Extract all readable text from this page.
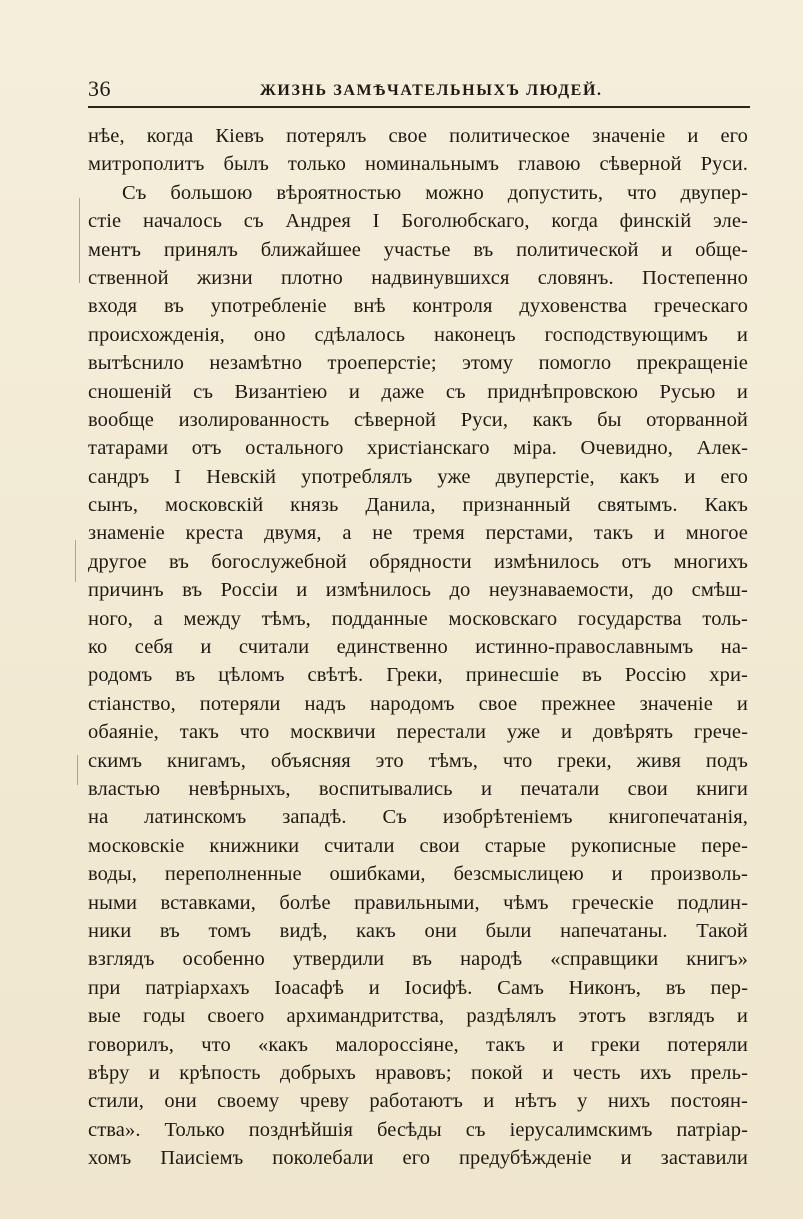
36	ЖИЗНЬ ЗАМѢЧАТЕЛЬНЫХЪ ЛЮДЕЙ.
нѣе, когда Кіевъ потерялъ свое политическое значеніе и его
митрополитъ былъ только номинальнымъ главою сѣверной Руси.
Съ большою вѣроятностью можно допустить, что двупер-
стіе началось съ Андрея I Боголюбскаго, когда финскій эле-
ментъ принялъ ближайшее участье въ политической и обще-
ственной жизни плотно надвинувшихся словянъ. Постепенно
входя въ употребленіе внѣ контроля духовенства греческаго
происхожденія, оно сдѣлалось наконецъ господствующимъ и
вытѣснило незамѣтно троеперстіе; этому помогло прекращеніе
сношеній съ Византіею и даже съ приднѣпровскою Русью и
вообще изолированность сѣверной Руси, какъ бы оторванной
татарами отъ остального христіанскаго міра. Очевидно, Алек-
сандръ I Невскій употреблялъ уже двуперстіе, какъ и его
сынъ, московскій князь Данила, признанный святымъ. Какъ
знаменіе креста двумя, а не тремя перстами, такъ и многое
другое въ богослужебной обрядности измѣнилось отъ многихъ
причинъ въ Россіи и измѣнилось до неузнаваемости, до смѣш-
ного, а между тѣмъ, подданные московскаго государства толь-
ко себя и считали единственно истинно-православнымъ на-
родомъ въ цѣломъ свѣтѣ. Греки, принесшіе въ Россію хри-
стіанство, потеряли надъ народомъ свое прежнее значеніе и
обаяніе, такъ что москвичи перестали уже и довѣрять грече-
скимъ книгамъ, объясняя это тѣмъ, что греки, живя подъ
властью невѣрныхъ, воспитывались и печатали свои книги
на латинскомъ западѣ. Съ изобрѣтеніемъ книгопечатанія,
московскіе книжники считали свои старые рукописные пере-
воды, переполненные ошибками, безсмыслицею и произволь-
ными вставками, болѣе правильными, чѣмъ греческіе подлин-
ники въ томъ видѣ, какъ они были напечатаны. Такой
взглядъ особенно утвердили въ народѣ «справщики книгъ»
при патріархахъ Іоасафѣ и Іосифѣ. Самъ Никонъ, въ пер-
вые годы своего архимандритства, раздѣлялъ этотъ взглядъ и
говорилъ, что «какъ малороссіяне, такъ и греки потеряли
вѣру и крѣпость добрыхъ нравовъ; покой и честь ихъ прель-
стили, они своему чреву работаютъ и нѣтъ у нихъ постоян-
ства». Только позднѣйшія бесѣды съ іерусалимскимъ патріар-
хомъ Паисіемъ поколебали его предубѣжденіе и заставили
